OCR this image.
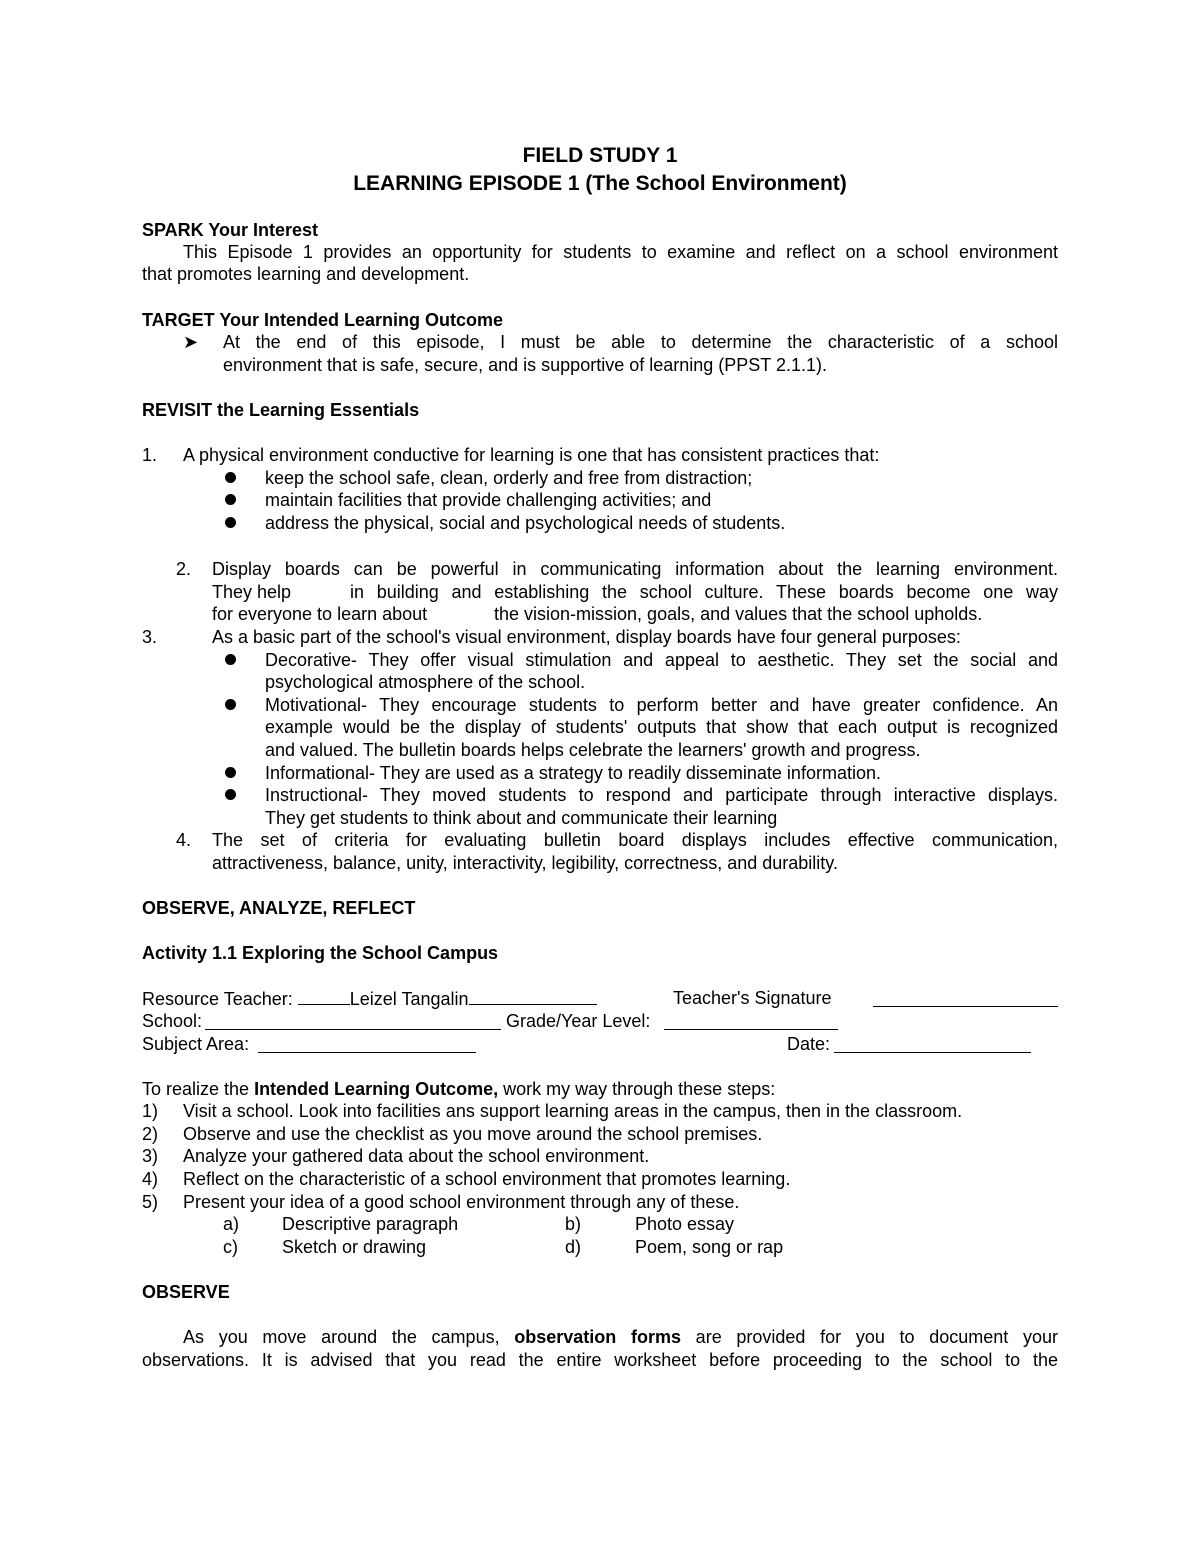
FIELD STUDY 1
LEARNING EPISODE 1 (The School Environment)
SPARK Your Interest
This Episode 1 provides an opportunity for students to examine and reflect on a school environment
that promotes learning and development.
TARGET Your Intended Learning Outcome
➤ At the end of this episode, I must be able to determine the characteristic of a school
environment that is safe, secure, and is supportive of learning (PPST 2.1.1).
REVISIT the Learning Essentials
1. A physical environment conductive for learning is one that has consistent practices that:
keep the school safe, clean, orderly and free from distraction;
maintain facilities that provide challenging activities; and
address the physical, social and psychological needs of students.
2. Display boards can be powerful in communicating information about the learning environment.
They help	in building and establishing the school culture. These boards become one way
for everyone to learn about	the vision-mission, goals, and values that the school upholds.
3.	As a basic part of the school's visual environment, display boards have four general purposes:
Decorative- They offer visual stimulation and appeal to aesthetic. They set the social and
psychological atmosphere of the school.
Motivational- They encourage students to perform better and have greater confidence. An
example would be the display of students' outputs that show that each output is recognized
and valued. The bulletin boards helps celebrate the learners' growth and progress.
Informational- They are used as a strategy to readily disseminate information.
Instructional- They moved students to respond and participate through interactive displays.
They get students to think about and communicate their learning
4. The set of criteria for evaluating bulletin board displays includes effective communication,
attractiveness, balance, unity, interactivity, legibility, correctness, and durability.
OBSERVE, ANALYZE, REFLECT
Activity 1.1 Exploring the School Campus
Resource Teacher:	Leizel Tangalin	Teacher's Signature
School:	Grade/Year Level:
Subject Area:	Date:
To realize the Intended Learning Outcome, work my way through these steps:
1) Visit a school. Look into facilities ans support learning areas in the campus, then in the classroom.
2) Observe and use the checklist as you move around the school premises.
3) Analyze your gathered data about the school environment.
4) Reflect on the characteristic of a school environment that promotes learning.
5) Present your idea of a good school environment through any of these.
a) Descriptive paragraph	b)	Photo essay
c) Sketch or drawing	d)	Poem, song or rap
OBSERVE
As you move around the campus, observation forms are provided for you to document your
observations. It is advised that you read the entire worksheet before proceeding to the school to the
